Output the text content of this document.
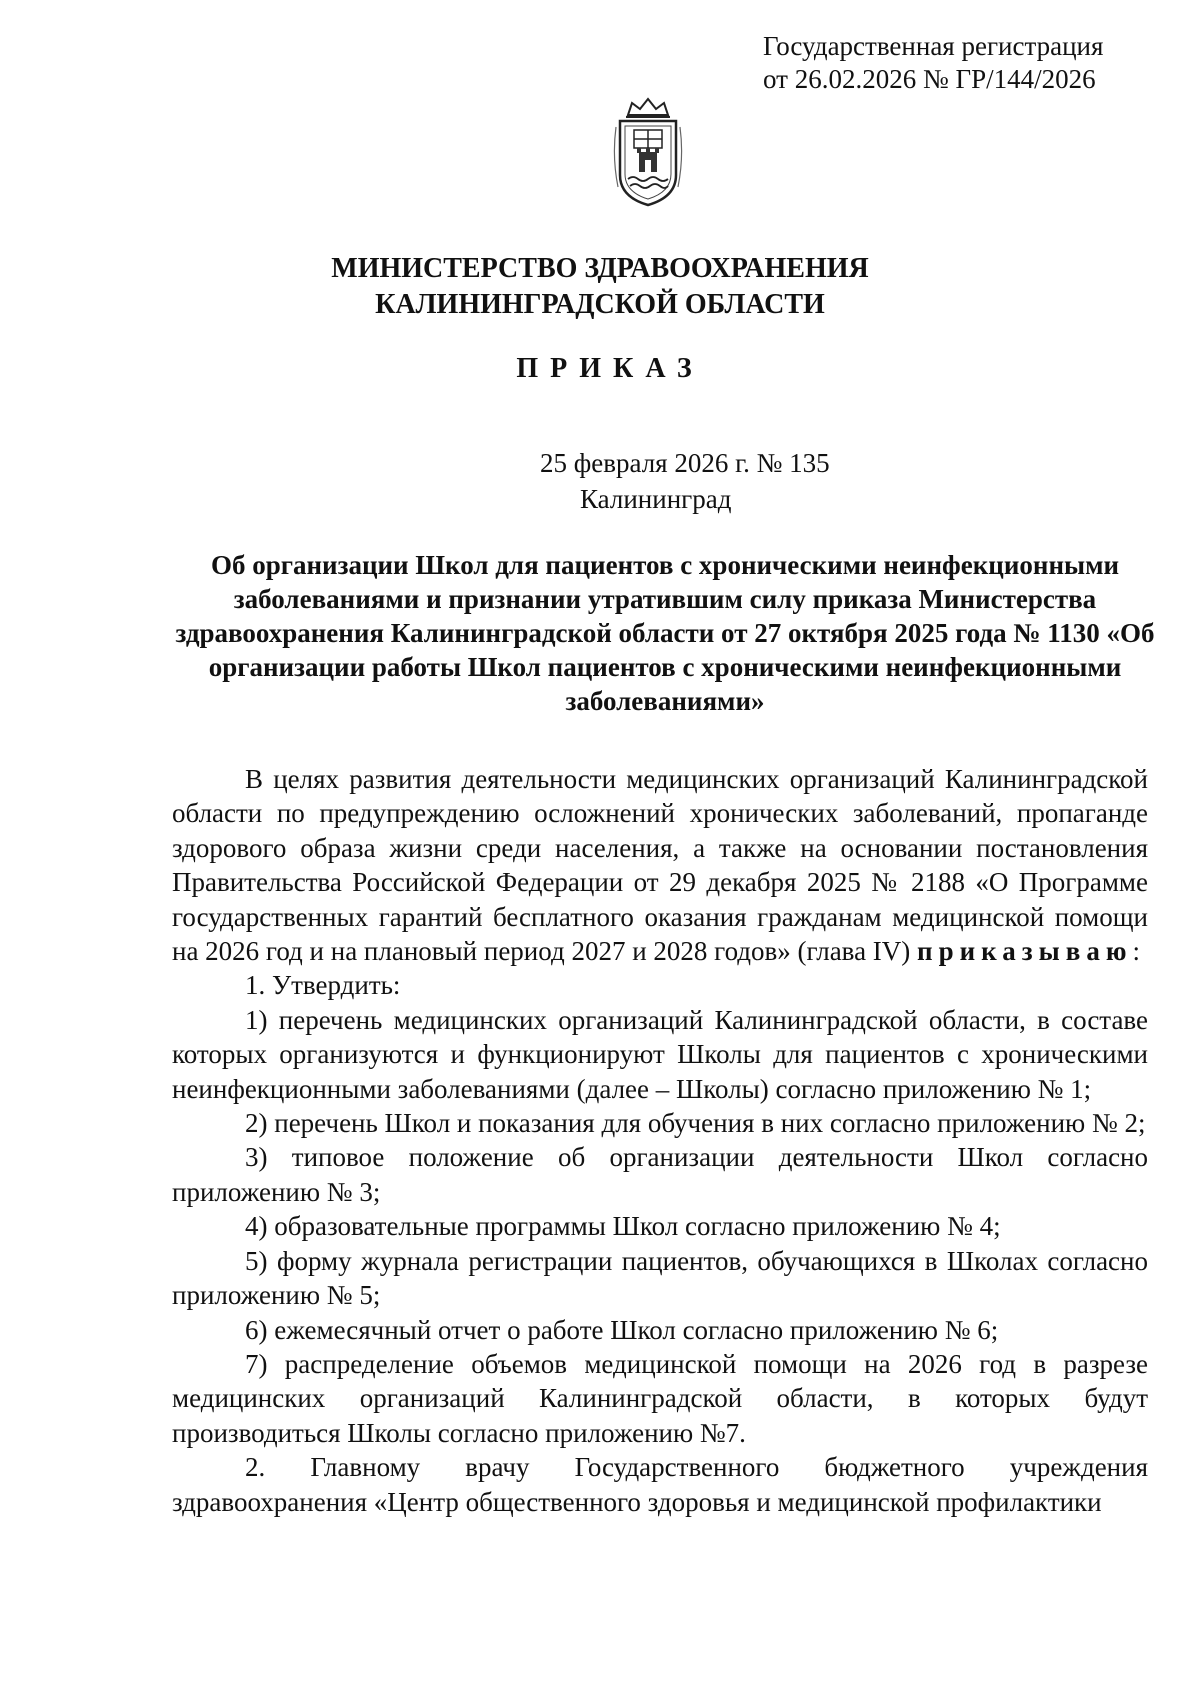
Государственная регистрация
от 26.02.2026 № ГР/144/2026
МИНИСТЕРСТВО ЗДРАВООХРАНЕНИЯ
КАЛИНИНГРАДСКОЙ ОБЛАСТИ
ПРИКАЗ
25 февраля 2026 г. № 135
Калининград
Об организации Школ для пациентов с хроническими неинфекционными заболеваниями и признании утратившим силу приказа Министерства здравоохранения Калининградской области от 27 октября 2025 года № 1130 «Об организации работы Школ пациентов с хроническими неинфекционными заболеваниями»

В целях развития деятельности медицинских организаций Калининградской области по предупреждению осложнений хронических заболеваний, пропаганде здорового образа жизни среди населения, а также на основании постановления Правительства Российской Федерации от 29 декабря 2025 № 2188 «О Программе государственных гарантий бесплатного оказания гражданам медицинской помощи на 2026 год и на плановый период 2027 и 2028 годов» (глава IV) приказываю:

1. Утвердить:

1) перечень медицинских организаций Калининградской области, в составе которых организуются и функционируют Школы для пациентов с хроническими неинфекционными заболеваниями (далее – Школы) согласно приложению № 1;

2) перечень Школ и показания для обучения в них согласно приложению № 2;

3) типовое положение об организации деятельности Школ согласно приложению № 3;

4) образовательные программы Школ согласно приложению № 4;

5) форму журнала регистрации пациентов, обучающихся в Школах согласно приложению № 5;

6) ежемесячный отчет о работе Школ согласно приложению № 6;

7) распределение объемов медицинской помощи на 2026 год в разрезе медицинских организаций Калининградской области, в которых будут производиться Школы согласно приложению №7.

2. Главному врачу Государственного бюджетного учреждения здравоохранения «Центр общественного здоровья и медицинской профилактики
